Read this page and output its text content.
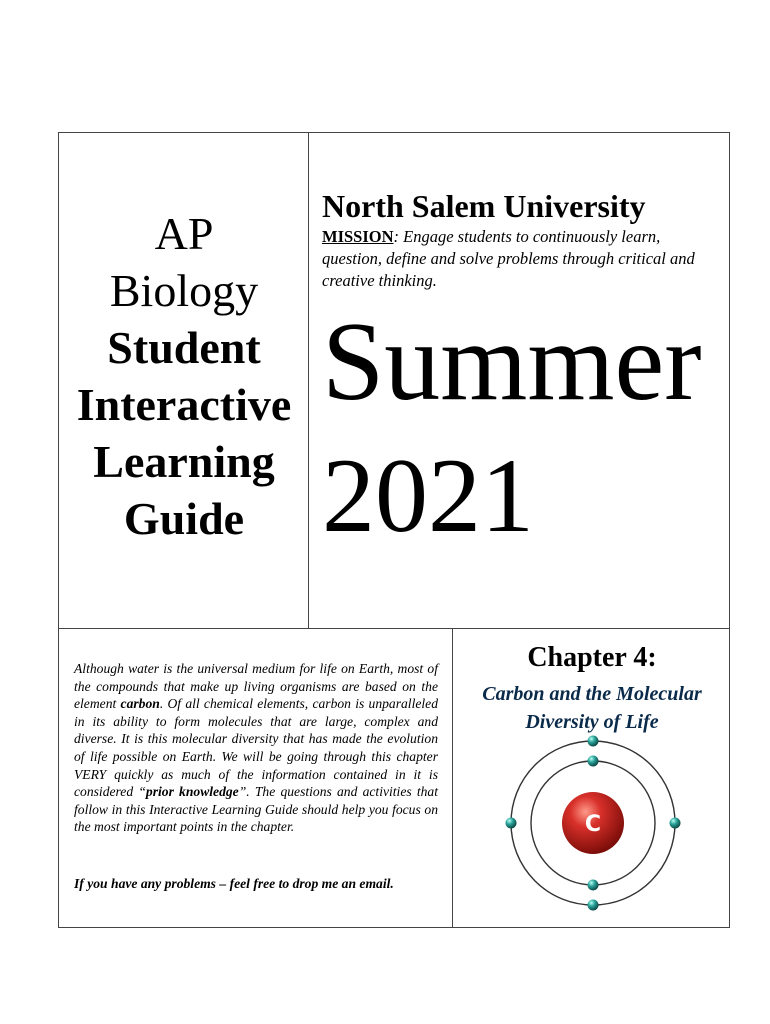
AP
Biology
Student
Interactive
Learning
Guide
North Salem University
MISSION: Engage students to continuously learn, question, define and solve problems through critical and creative thinking.
Summer
2021
Although water is the universal medium for life on Earth, most of the compounds that make up living organisms are based on the element carbon. Of all chemical elements, carbon is unparalleled in its ability to form molecules that are large, complex and diverse. It is this molecular diversity that has made the evolution of life possible on Earth. We will be going through this chapter VERY quickly as much of the information contained in it is considered “prior knowledge”. The questions and activities that follow in this Interactive Learning Guide should help you focus on the most important points in the chapter.
If you have any problems – feel free to drop me an email.
Chapter 4:
Carbon and the Molecular Diversity of Life
C
